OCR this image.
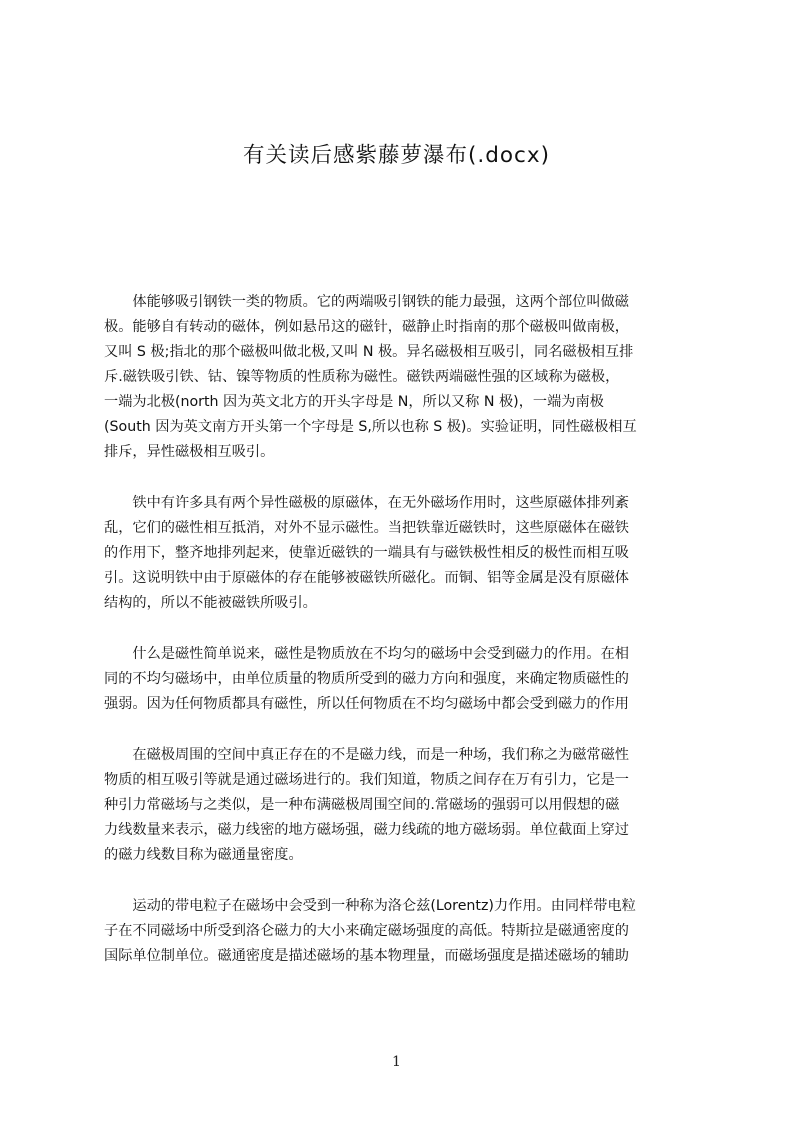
有关读后感紫藤萝瀑布(.docx)
　　体能够吸引钢铁一类的物质。它的两端吸引钢铁的能力最强，这两个部位叫做磁
极。能够自有转动的磁体，例如悬吊这的磁针，磁静止时指南的那个磁极叫做南极，
又叫 S 极;指北的那个磁极叫做北极,又叫 N 极。异名磁极相互吸引，同名磁极相互排
斥.磁铁吸引铁、钴、镍等物质的性质称为磁性。磁铁两端磁性强的区域称为磁极，
一端为北极(north 因为英文北方的开头字母是 N，所以又称 N 极)，一端为南极
(South 因为英文南方开头第一个字母是 S,所以也称 S 极)。实验证明，同性磁极相互
排斥，异性磁极相互吸引。
　　铁中有许多具有两个异性磁极的原磁体，在无外磁场作用时，这些原磁体排列紊
乱，它们的磁性相互抵消，对外不显示磁性。当把铁靠近磁铁时，这些原磁体在磁铁
的作用下，整齐地排列起来，使靠近磁铁的一端具有与磁铁极性相反的极性而相互吸
引。这说明铁中由于原磁体的存在能够被磁铁所磁化。而铜、铝等金属是没有原磁体
结构的，所以不能被磁铁所吸引。
　　什么是磁性简单说来，磁性是物质放在不均匀的磁场中会受到磁力的作用。在相
同的不均匀磁场中，由单位质量的物质所受到的磁力方向和强度，来确定物质磁性的
强弱。因为任何物质都具有磁性，所以任何物质在不均匀磁场中都会受到磁力的作用
　　在磁极周围的空间中真正存在的不是磁力线，而是一种场，我们称之为磁常磁性
物质的相互吸引等就是通过磁场进行的。我们知道，物质之间存在万有引力，它是一
种引力常磁场与之类似，是一种布满磁极周围空间的.常磁场的强弱可以用假想的磁
力线数量来表示，磁力线密的地方磁场强，磁力线疏的地方磁场弱。单位截面上穿过
的磁力线数目称为磁通量密度。
　　运动的带电粒子在磁场中会受到一种称为洛仑兹(Lorentz)力作用。由同样带电粒
子在不同磁场中所受到洛仑磁力的大小来确定磁场强度的高低。特斯拉是磁通密度的
国际单位制单位。磁通密度是描述磁场的基本物理量，而磁场强度是描述磁场的辅助
1
